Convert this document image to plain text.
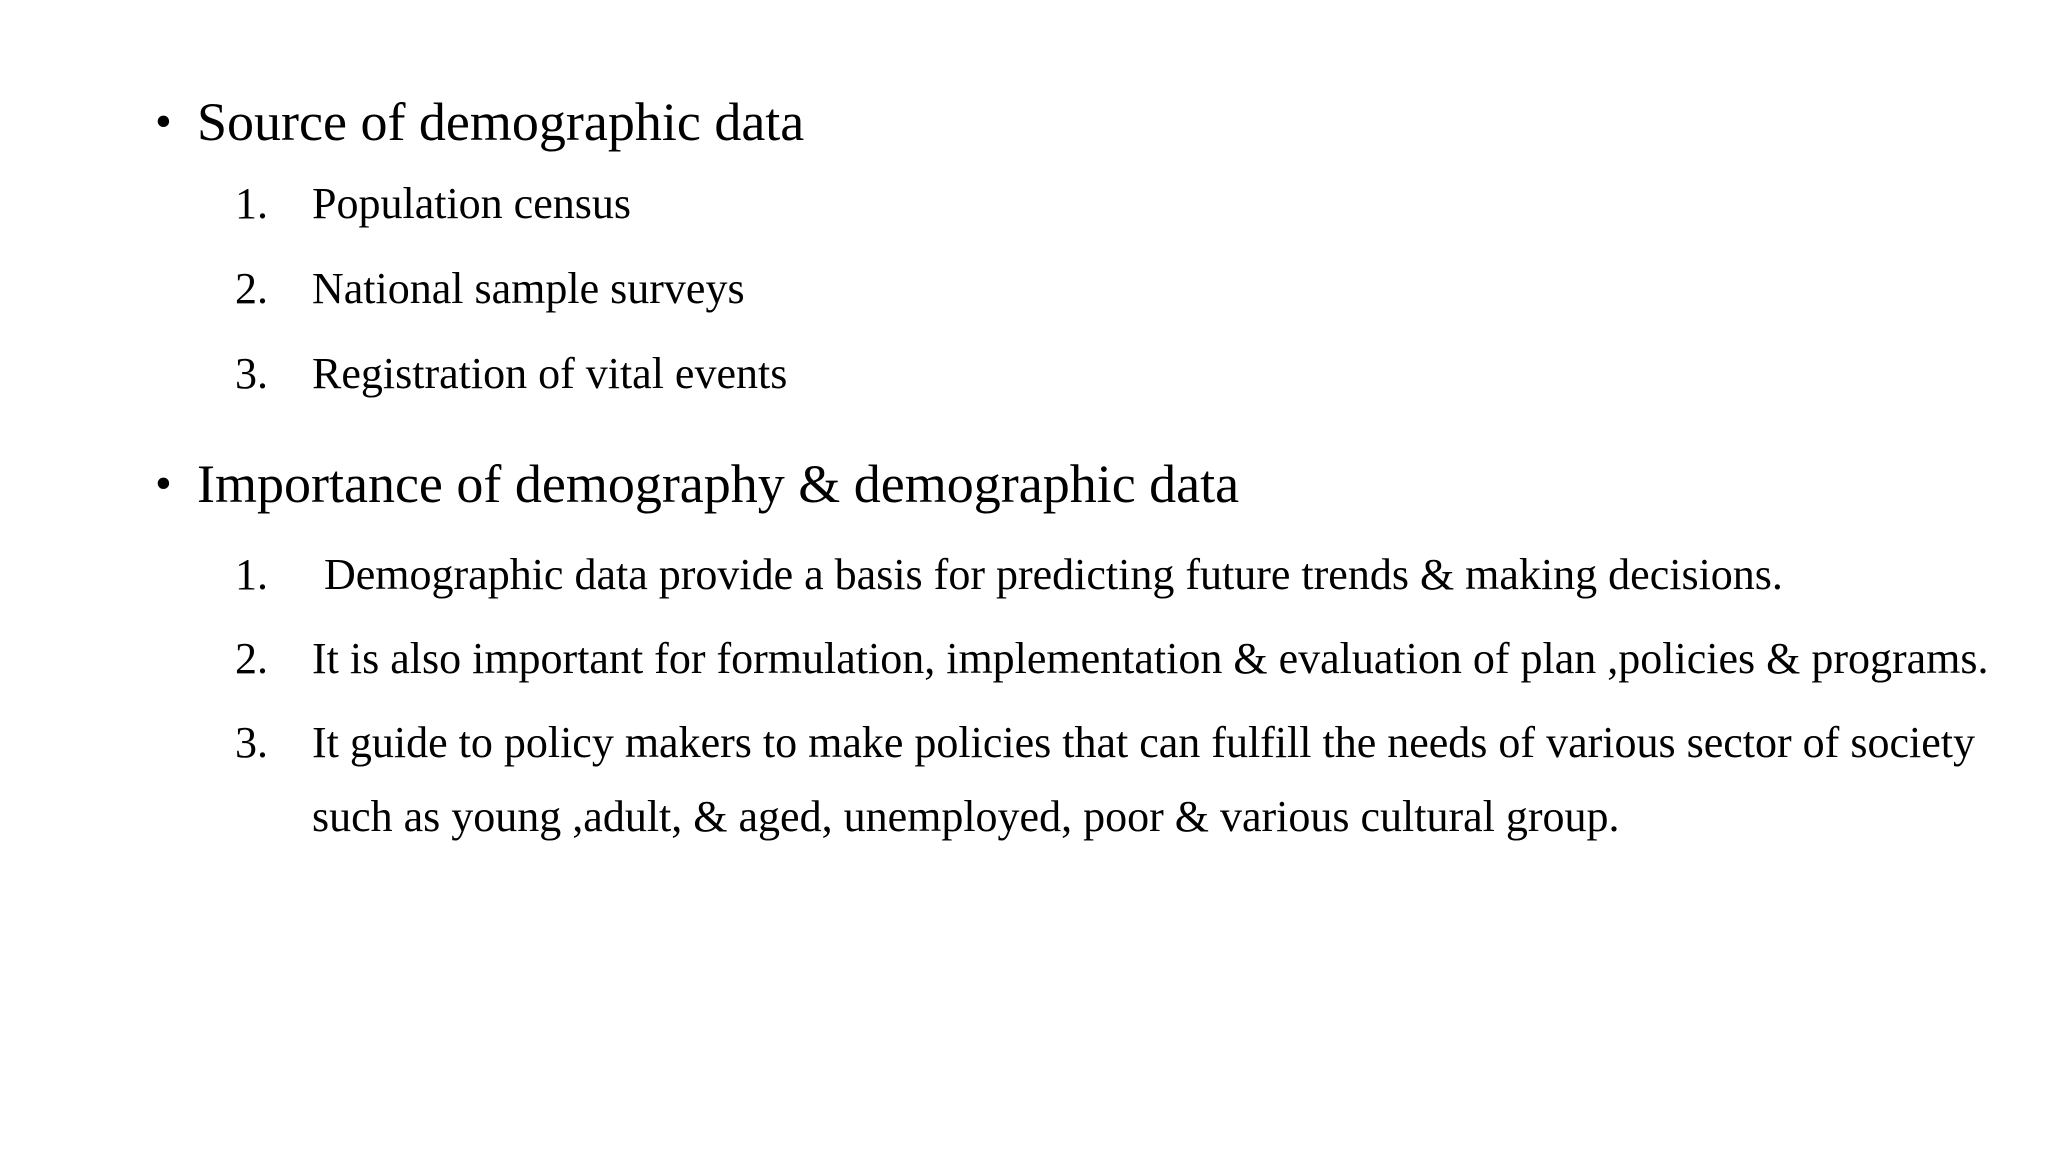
• Source of demographic data
1. Population census
2. National sample surveys
3. Registration of vital events
• Importance of demography & demographic data
1. Demographic data provide a basis for predicting future trends & making decisions.
2. It is also important for formulation, implementation & evaluation of plan ,policies & programs.
3. It guide to policy makers to make policies that can fulfill the needs of various sector of society such as young ,adult, & aged, unemployed, poor & various cultural group.
